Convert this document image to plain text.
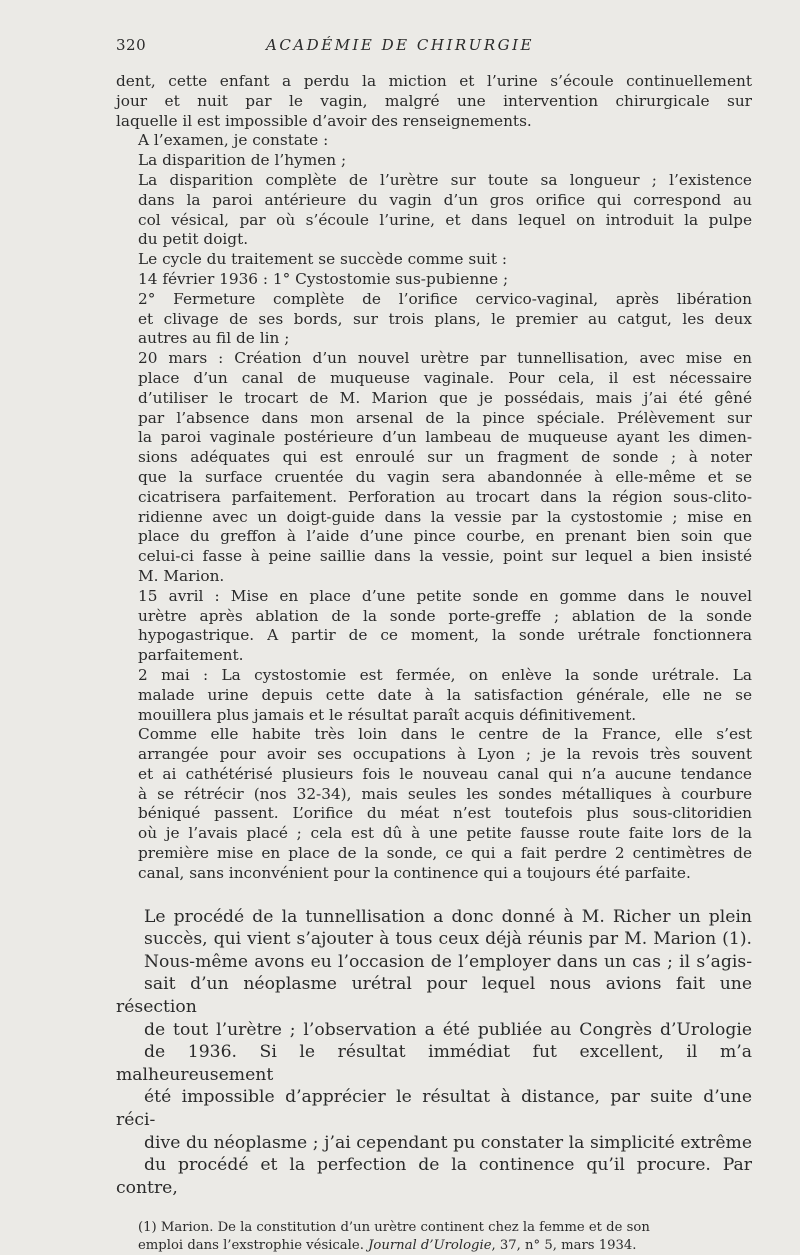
320	ACADÉMIE DE CHIRURGIE

dent, cette enfant a perdu la miction et l’urine s’écoule continuellement
jour et nuit par le vagin, malgré une intervention chirurgicale sur
laquelle il est impossible d’avoir des renseignements.

A l’examen, je constate :

La disparition de l’hymen ;

La disparition complète de l’urètre sur toute sa longueur ; l’existence
dans la paroi antérieure du vagin d’un gros orifice qui correspond au
col vésical, par où s’écoule l’urine, et dans lequel on introduit la pulpe
du petit doigt.

Le cycle du traitement se succède comme suit :

14 février 1936 : 1° Cystostomie sus-pubienne ;

2° Fermeture complète de l’orifice cervico-vaginal, après libération
et clivage de ses bords, sur trois plans, le premier au catgut, les deux
autres au fil de lin ;

20 mars : Création d’un nouvel urètre par tunnellisation, avec mise en
place d’un canal de muqueuse vaginale. Pour cela, il est nécessaire
d’utiliser le trocart de M. Marion que je possédais, mais j’ai été gêné
par l’absence dans mon arsenal de la pince spéciale. Prélèvement sur
la paroi vaginale postérieure d’un lambeau de muqueuse ayant les dimen-
sions adéquates qui est enroulé sur un fragment de sonde ; à noter
que la surface cruentée du vagin sera abandonnée à elle-même et se
cicatrisera parfaitement. Perforation au trocart dans la région sous-clito-
ridienne avec un doigt-guide dans la vessie par la cystostomie ; mise en
place du greffon à l’aide d’une pince courbe, en prenant bien soin que
celui-ci fasse à peine saillie dans la vessie, point sur lequel a bien insisté
M. Marion.

15 avril : Mise en place d’une petite sonde en gomme dans le nouvel
urètre après ablation de la sonde porte-greffe ; ablation de la sonde
hypogastrique. A partir de ce moment, la sonde urétrale fonctionnera
parfaitement.

2 mai : La cystostomie est fermée, on enlève la sonde urétrale. La
malade urine depuis cette date à la satisfaction générale, elle ne se
mouillera plus jamais et le résultat paraît acquis définitivement.

Comme elle habite très loin dans le centre de la France, elle s’est
arrangée pour avoir ses occupations à Lyon ; je la revois très souvent
et ai cathétérisé plusieurs fois le nouveau canal qui n’a aucune tendance
à se rétrécir (nos 32-34), mais seules les sondes métalliques à courbure
béniqué passent. L’orifice du méat n’est toutefois plus sous-clitoridien
où je l’avais placé ; cela est dû à une petite fausse route faite lors de la
première mise en place de la sonde, ce qui a fait perdre 2 centimètres de
canal, sans inconvénient pour la continence qui a toujours été parfaite.

Le procédé de la tunnellisation a donc donné à M. Richer un plein
succès, qui vient s’ajouter à tous ceux déjà réunis par M. Marion (1).
Nous-même avons eu l’occasion de l’employer dans un cas ; il s’agis-
sait d’un néoplasme urétral pour lequel nous avions fait une résection
de tout l’urètre ; l’observation a été publiée au Congrès d’Urologie
de 1936. Si le résultat immédiat fut excellent, il m’a malheureusement
été impossible d’apprécier le résultat à distance, par suite d’une réci-
dive du néoplasme ; j’ai cependant pu constater la simplicité extrême
du procédé et la perfection de la continence qu’il procure. Par contre,

(1) Marion. De la constitution d’un urètre continent chez la femme et de son
emploi dans l’exstrophie vésicale. Journal d’Urologie, 37, n° 5, mars 1934.
